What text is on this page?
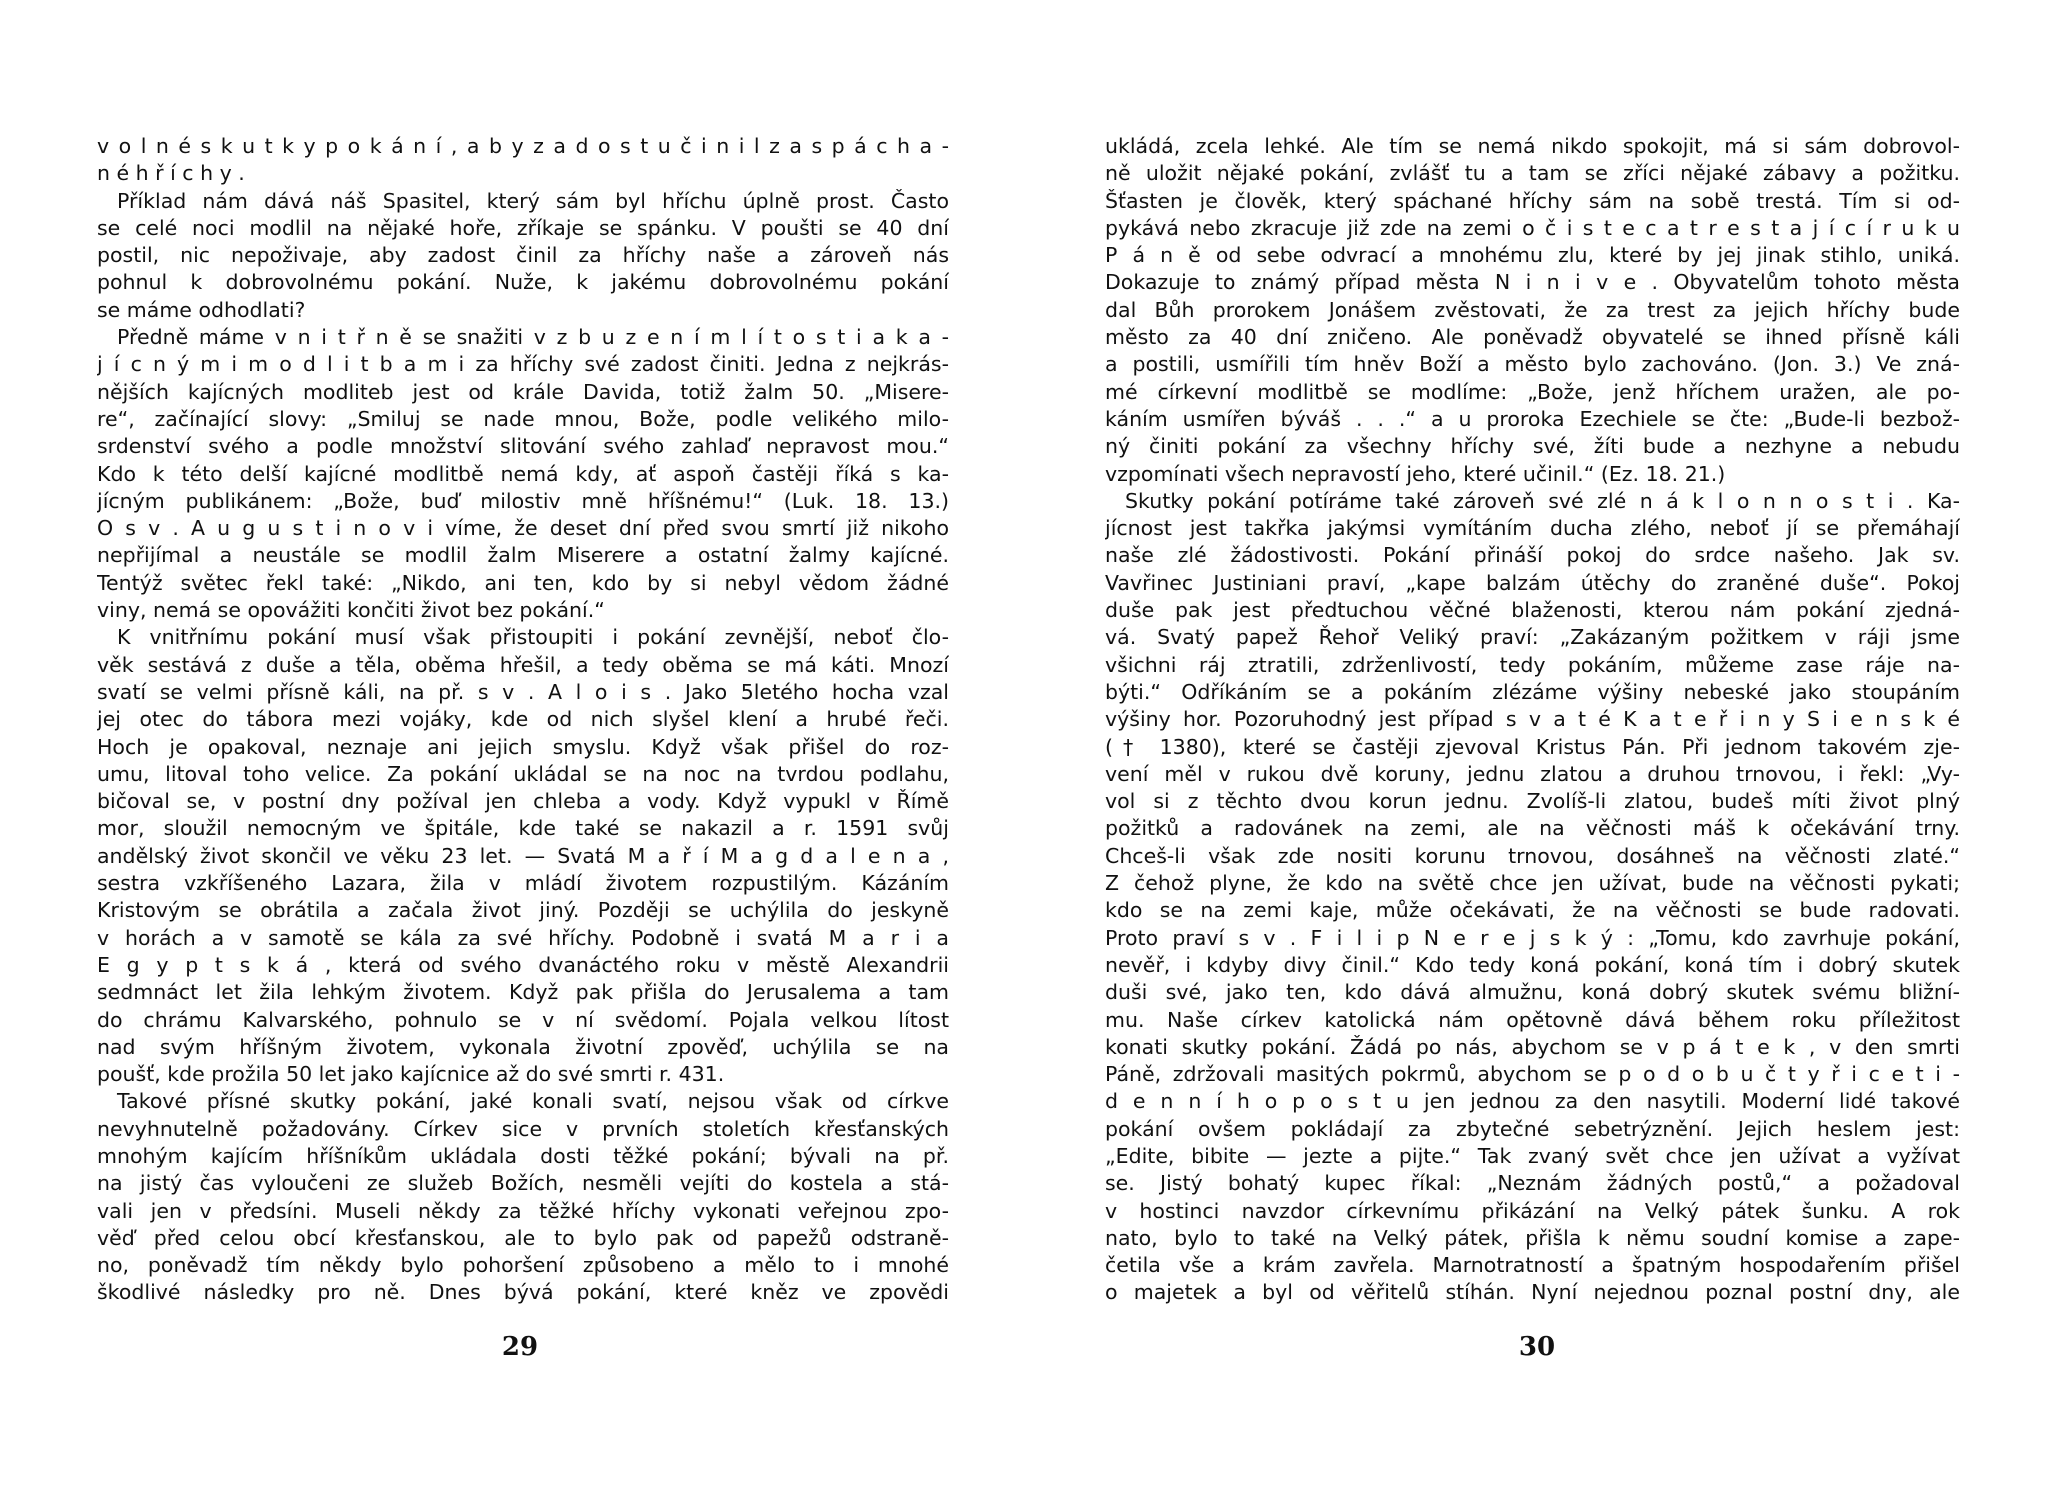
v o l n é s k u t k y p o k á n í , a b y z a d o s t u č i n i l z a s p á c h a -
n é h ř í c h y .
Příklad nám dává náš Spasitel, který sám byl hříchu úplně prost. Často
se celé noci modlil na nějaké hoře, zříkaje se spánku. V poušti se 40 dní
postil, nic nepoživaje, aby zadost činil za hříchy naše a zároveň nás
pohnul k dobrovolnému pokání. Nuže, k jakému dobrovolnému pokání
se máme odhodlati?
Předně máme v n i t ř n ě se snažiti v z b u z e n í m l í t o s t i a k a -
j í c n ý m i m o d l i t b a m i za hříchy své zadost činiti. Jedna z nejkrás-
nějších kajícných modliteb jest od krále Davida, totiž žalm 50. „Misere-
re“, začínající slovy: „Smiluj se nade mnou, Bože, podle velikého milo-
srdenství svého a podle množství slitování svého zahlaď nepravost mou.“
Kdo k této delší kajícné modlitbě nemá kdy, ať aspoň častěji říká s ka-
jícným publikánem: „Bože, buď milostiv mně hříšnému!“ (Luk. 18. 13.)
O s v . A u g u s t i n o v i víme, že deset dní před svou smrtí již nikoho
nepřijímal a neustále se modlil žalm Miserere a ostatní žalmy kajícné.
Tentýž světec řekl také: „Nikdo, ani ten, kdo by si nebyl vědom žádné
viny, nemá se opovážiti končiti život bez pokání.“
K vnitřnímu pokání musí však přistoupiti i pokání zevnější, neboť člo-
věk sestává z duše a těla, oběma hřešil, a tedy oběma se má káti. Mnozí
svatí se velmi přísně káli, na př. s v . A l o i s . Jako 5letého hocha vzal
jej otec do tábora mezi vojáky, kde od nich slyšel klení a hrubé řeči.
Hoch je opakoval, neznaje ani jejich smyslu. Když však přišel do roz-
umu, litoval toho velice. Za pokání ukládal se na noc na tvrdou podlahu,
bičoval se, v postní dny požíval jen chleba a vody. Když vypukl v Římě
mor, sloužil nemocným ve špitále, kde také se nakazil a r. 1591 svůj
andělský život skončil ve věku 23 let. — Svatá M a ř í M a g d a l e n a ,
sestra vzkříšeného Lazara, žila v mládí životem rozpustilým. Kázáním
Kristovým se obrátila a začala život jiný. Později se uchýlila do jeskyně
v horách a v samotě se kála za své hříchy. Podobně i svatá M a r i a
E g y p t s k á , která od svého dvanáctého roku v městě Alexandrii
sedmnáct let žila lehkým životem. Když pak přišla do Jerusalema a tam
do chrámu Kalvarského, pohnulo se v ní svědomí. Pojala velkou lítost
nad svým hříšným životem, vykonala životní zpověď, uchýlila se na
poušť, kde prožila 50 let jako kajícnice až do své smrti r. 431.
Takové přísné skutky pokání, jaké konali svatí, nejsou však od církve
nevyhnutelně požadovány. Církev sice v prvních stoletích křesťanských
mnohým kajícím hříšníkům ukládala dosti těžké pokání; bývali na př.
na jistý čas vyloučeni ze služeb Božích, nesměli vejíti do kostela a stá-
vali jen v předsíni. Museli někdy za těžké hříchy vykonati veřejnou zpo-
věď před celou obcí křesťanskou, ale to bylo pak od papežů odstraně-
no, poněvadž tím někdy bylo pohoršení způsobeno a mělo to i mnohé
škodlivé následky pro ně. Dnes bývá pokání, které kněz ve zpovědi
29
ukládá, zcela lehké. Ale tím se nemá nikdo spokojit, má si sám dobrovol-
ně uložit nějaké pokání, zvlášť tu a tam se zříci nějaké zábavy a požitku.
Šťasten je člověk, který spáchané hříchy sám na sobě trestá. Tím si od-
pykává nebo zkracuje již zde na zemi o č i s t e c a t r e s t a j í c í r u k u
P á n ě od sebe odvrací a mnohému zlu, které by jej jinak stihlo, uniká.
Dokazuje to známý případ města N i n i v e . Obyvatelům tohoto města
dal Bůh prorokem Jonášem zvěstovati, že za trest za jejich hříchy bude
město za 40 dní zničeno. Ale poněvadž obyvatelé se ihned přísně káli
a postili, usmířili tím hněv Boží a město bylo zachováno. (Jon. 3.) Ve zná-
mé církevní modlitbě se modlíme: „Bože, jenž hříchem uražen, ale po-
káním usmířen býváš . . .“ a u proroka Ezechiele se čte: „Bude-li bezbož-
ný činiti pokání za všechny hříchy své, žíti bude a nezhyne a nebudu
vzpomínati všech nepravostí jeho, které učinil.“ (Ez. 18. 21.)
Skutky pokání potíráme také zároveň své zlé n á k l o n n o s t i . Ka-
jícnost jest takřka jakýmsi vymítáním ducha zlého, neboť jí se přemáhají
naše zlé žádostivosti. Pokání přináší pokoj do srdce našeho. Jak sv.
Vavřinec Justiniani praví, „kape balzám útěchy do zraněné duše“. Pokoj
duše pak jest předtuchou věčné blaženosti, kterou nám pokání zjedná-
vá. Svatý papež Řehoř Veliký praví: „Zakázaným požitkem v ráji jsme
všichni ráj ztratili, zdrženlivostí, tedy pokáním, můžeme zase ráje na-
býti.“ Odříkáním se a pokáním zlézáme výšiny nebeské jako stoupáním
výšiny hor. Pozoruhodný jest případ s v a t é K a t e ř i n y S i e n s k é
(† 1380), které se častěji zjevoval Kristus Pán. Při jednom takovém zje-
vení měl v rukou dvě koruny, jednu zlatou a druhou trnovou, i řekl: „Vy-
vol si z těchto dvou korun jednu. Zvolíš-li zlatou, budeš míti život plný
požitků a radovánek na zemi, ale na věčnosti máš k očekávání trny.
Chceš-li však zde nositi korunu trnovou, dosáhneš na věčnosti zlaté.“
Z čehož plyne, že kdo na světě chce jen užívat, bude na věčnosti pykati;
kdo se na zemi kaje, může očekávati, že na věčnosti se bude radovati.
Proto praví s v . F i l i p N e r e j s k ý : „Tomu, kdo zavrhuje pokání,
nevěř, i kdyby divy činil.“ Kdo tedy koná pokání, koná tím i dobrý skutek
duši své, jako ten, kdo dává almužnu, koná dobrý skutek svému bližní-
mu. Naše církev katolická nám opětovně dává během roku příležitost
konati skutky pokání. Žádá po nás, abychom se v p á t e k , v den smrti
Páně, zdržovali masitých pokrmů, abychom se p o d o b u č t y ř i c e t i -
d e n n í h o p o s t u jen jednou za den nasytili. Moderní lidé takové
pokání ovšem pokládají za zbytečné sebetrýznění. Jejich heslem jest:
„Edite, bibite — jezte a pijte.“ Tak zvaný svět chce jen užívat a vyžívat
se. Jistý bohatý kupec říkal: „Neznám žádných postů,“ a požadoval
v hostinci navzdor církevnímu přikázání na Velký pátek šunku. A rok
nato, bylo to také na Velký pátek, přišla k němu soudní komise a zape-
četila vše a krám zavřela. Marnotratností a špatným hospodařením přišel
o majetek a byl od věřitelů stíhán. Nyní nejednou poznal postní dny, ale
30
